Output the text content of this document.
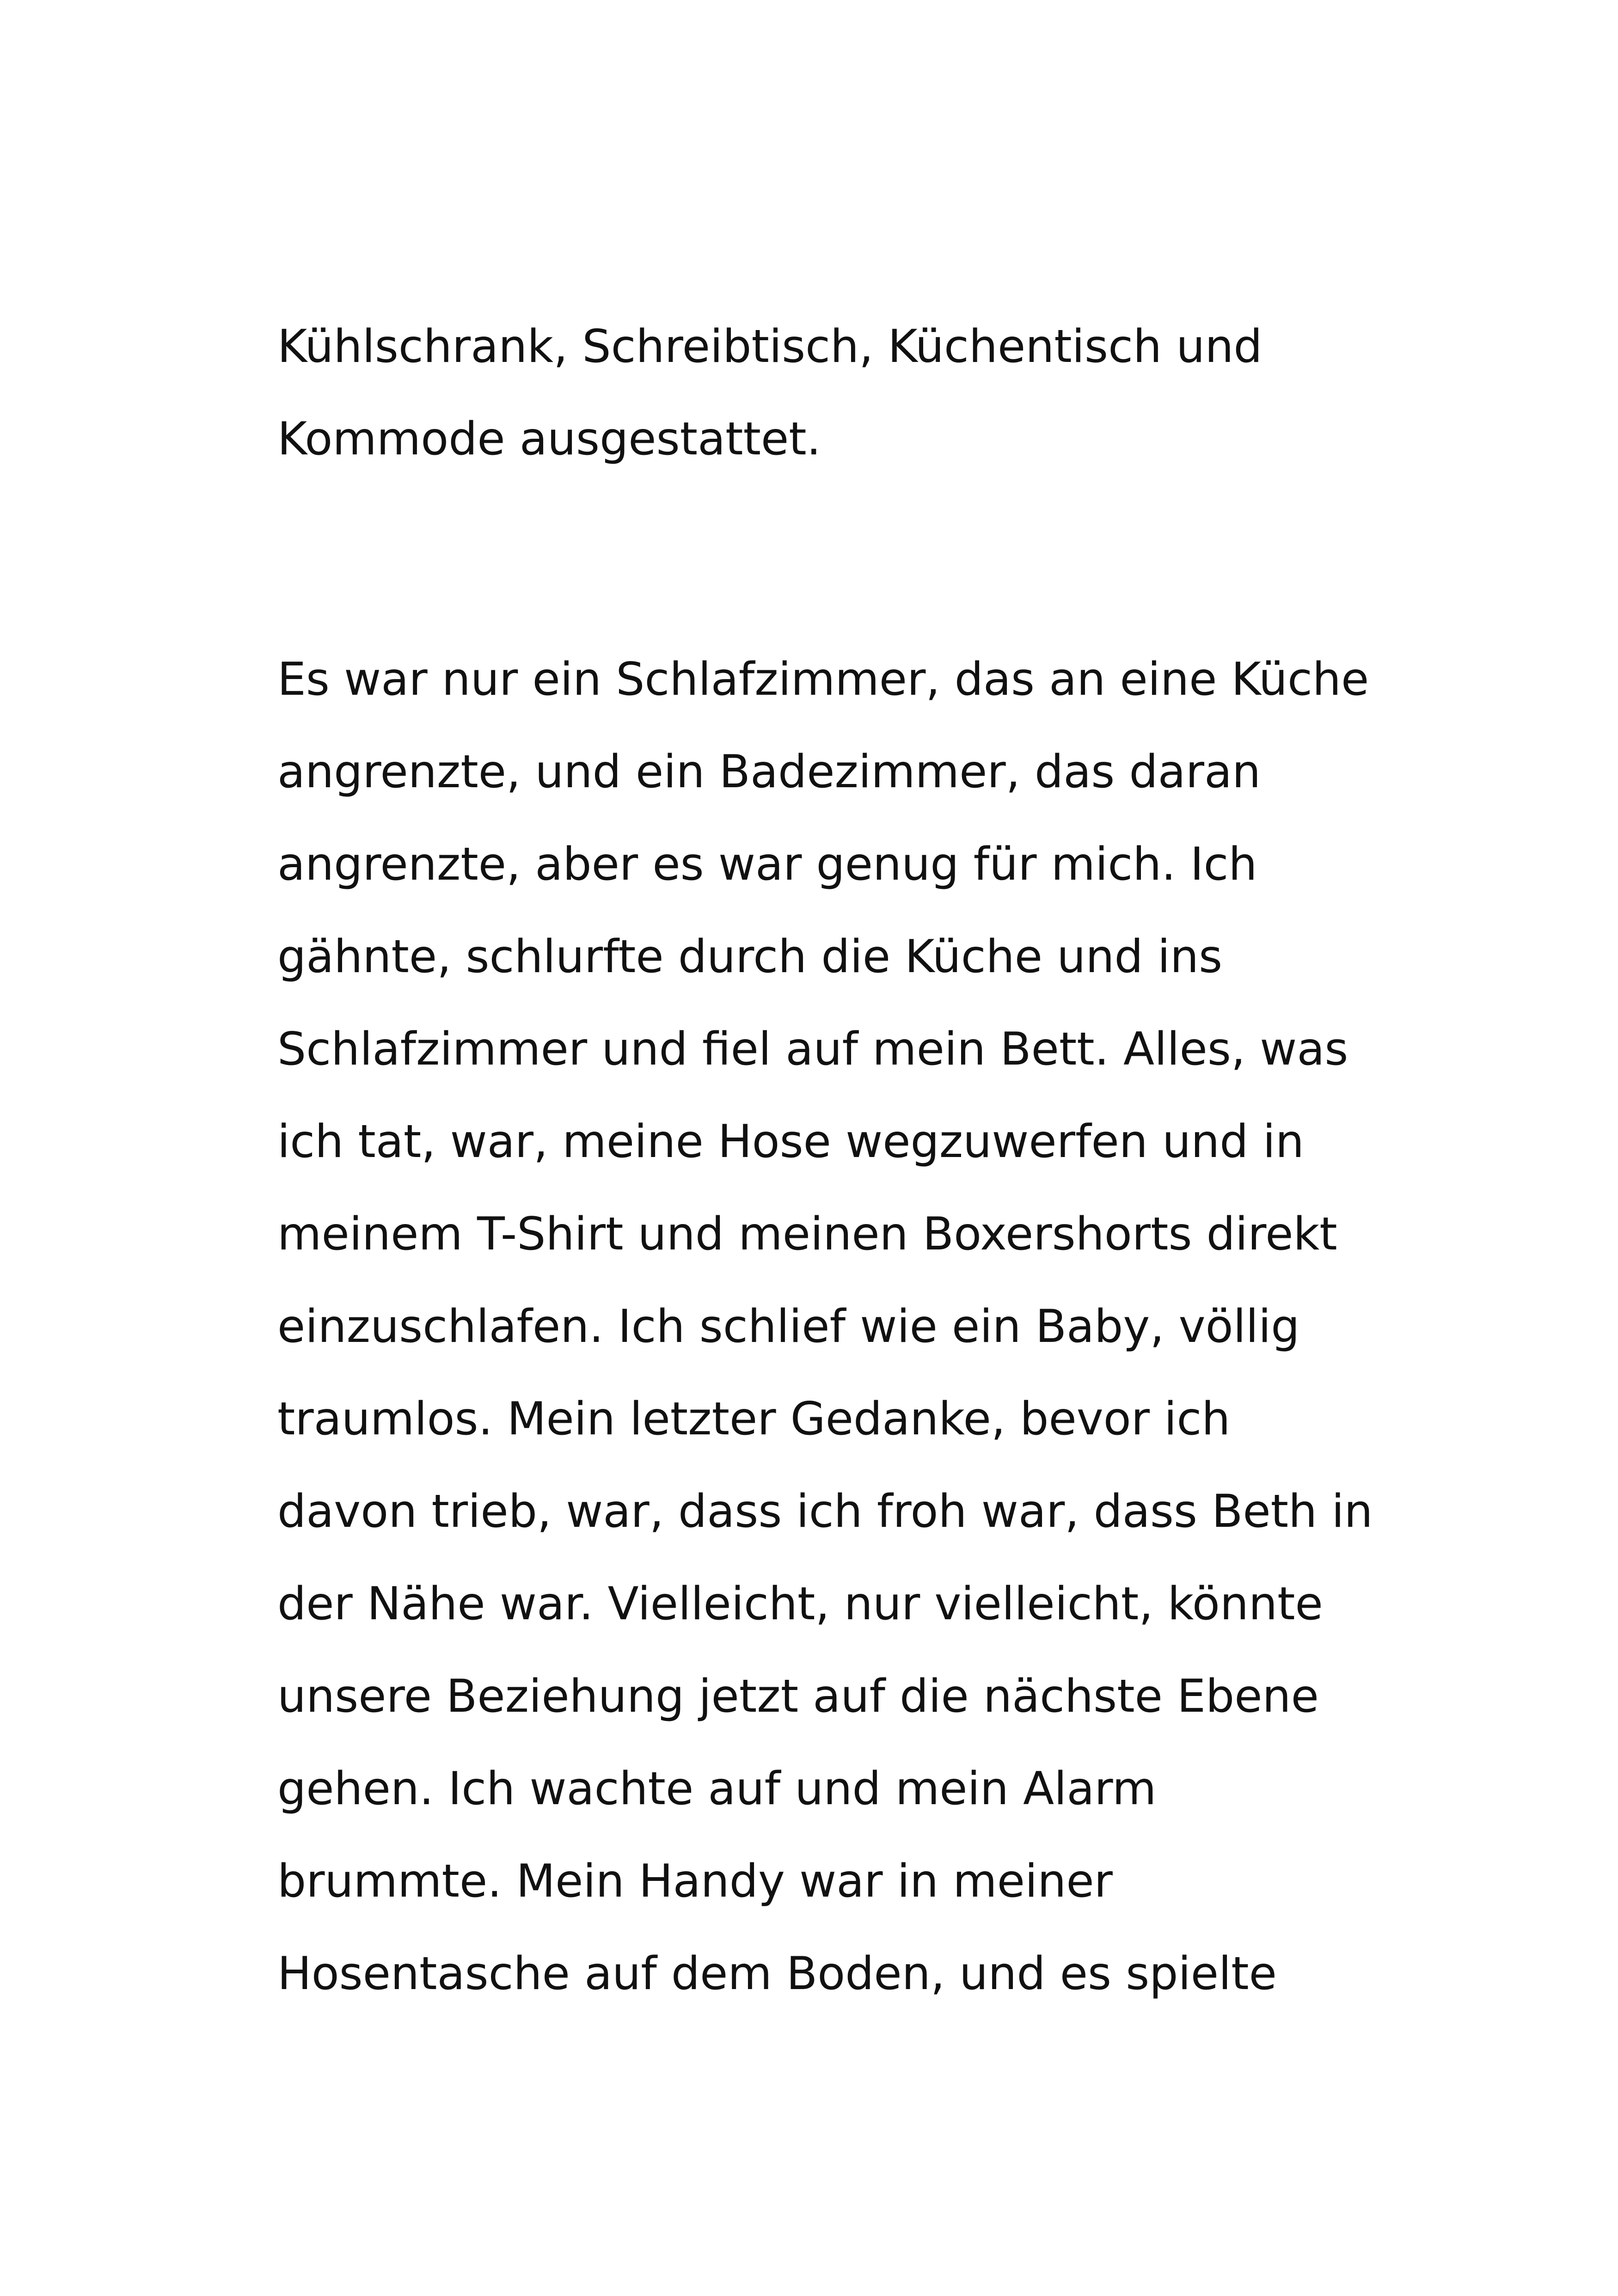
Kühlschrank, Schreibtisch, Küchentisch und

Kommode ausgestattet.

Es war nur ein Schlafzimmer, das an eine Küche

angrenzte, und ein Badezimmer, das daran

angrenzte, aber es war genug für mich. Ich

gähnte, schlurfte durch die Küche und ins

Schlafzimmer und fiel auf mein Bett. Alles, was

ich tat, war, meine Hose wegzuwerfen und in

meinem T-Shirt und meinen Boxershorts direkt

einzuschlafen. Ich schlief wie ein Baby, völlig

traumlos. Mein letzter Gedanke, bevor ich

davon trieb, war, dass ich froh war, dass Beth in

der Nähe war. Vielleicht, nur vielleicht, könnte

unsere Beziehung jetzt auf die nächste Ebene

gehen. Ich wachte auf und mein Alarm

brummte. Mein Handy war in meiner

Hosentasche auf dem Boden, und es spielte
